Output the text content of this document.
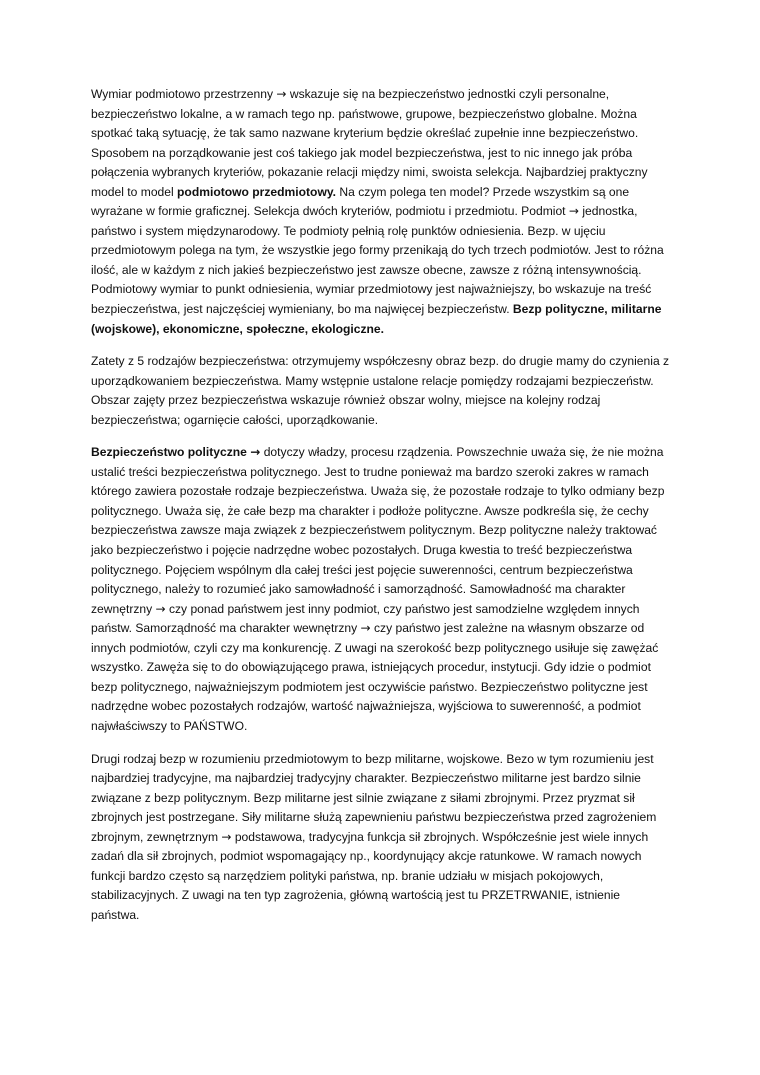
Wymiar podmiotowo przestrzenny → wskazuje się na bezpieczeństwo jednostki czyli personalne, bezpieczeństwo lokalne, a w ramach tego np. państwowe, grupowe, bezpieczeństwo globalne. Można spotkać taką sytuację, że tak samo nazwane kryterium będzie określać zupełnie inne bezpieczeństwo. Sposobem na porządkowanie jest coś takiego jak model bezpieczeństwa, jest to nic innego jak próba połączenia wybranych kryteriów, pokazanie relacji między nimi, swoista selekcja. Najbardziej praktyczny model to model podmiotowo przedmiotowy. Na czym polega ten model? Przede wszystkim są one wyrażane w formie graficznej. Selekcja dwóch kryteriów, podmiotu i przedmiotu. Podmiot → jednostka, państwo i system międzynarodowy. Te podmioty pełnią rolę punktów odniesienia. Bezp. w ujęciu przedmiotowym polega na tym, że wszystkie jego formy przenikają do tych trzech podmiotów. Jest to różna ilość, ale w każdym z nich jakieś bezpieczeństwo jest zawsze obecne, zawsze z różną intensywnością. Podmiotowy wymiar to punkt odniesienia, wymiar przedmiotowy jest najważniejszy, bo wskazuje na treść bezpieczeństwa, jest najczęściej wymieniany, bo ma najwięcej bezpieczeństw. Bezp polityczne, militarne (wojskowe), ekonomiczne, społeczne, ekologiczne.

Zatety z 5 rodzajów bezpieczeństwa: otrzymujemy współczesny obraz bezp. do drugie mamy do czynienia z uporządkowaniem bezpieczeństwa. Mamy wstępnie ustalone relacje pomiędzy rodzajami bezpieczeństw. Obszar zajęty przez bezpieczeństwa wskazuje również obszar wolny, miejsce na kolejny rodzaj bezpieczeństwa; ogarnięcie całości, uporządkowanie.

Bezpieczeństwo polityczne → dotyczy władzy, procesu rządzenia. Powszechnie uważa się, że nie można ustalić treści bezpieczeństwa politycznego. Jest to trudne ponieważ ma bardzo szeroki zakres w ramach którego zawiera pozostałe rodzaje bezpieczeństwa. Uważa się, że pozostałe rodzaje to tylko odmiany bezp politycznego. Uważa się, że całe bezp ma charakter i podłoże polityczne. Awsze podkreśla się, że cechy bezpieczeństwa zawsze maja związek z bezpieczeństwem politycznym. Bezp polityczne należy traktować jako bezpieczeństwo i pojęcie nadrzędne wobec pozostałych. Druga kwestia to treść bezpieczeństwa politycznego. Pojęciem wspólnym dla całej treści jest pojęcie suwerenności, centrum bezpieczeństwa politycznego, należy to rozumieć jako samowładność i samorządność. Samowładność ma charakter zewnętrzny → czy ponad państwem jest inny podmiot, czy państwo jest samodzielne względem innych państw. Samorządność ma charakter wewnętrzny → czy państwo jest zależne na własnym obszarze od innych podmiotów, czyli czy ma konkurencję. Z uwagi na szerokość bezp politycznego usiłuje się zawężać wszystko. Zawęża się to do obowiązującego prawa, istniejących procedur, instytucji. Gdy idzie o podmiot bezp politycznego, najważniejszym podmiotem jest oczywiście państwo. Bezpieczeństwo polityczne jest nadrzędne wobec pozostałych rodzajów, wartość najważniejsza, wyjściowa to suwerenność, a podmiot najwłaściwszy to PAŃSTWO.

Drugi rodzaj bezp w rozumieniu przedmiotowym to bezp militarne, wojskowe. Bezo w tym rozumieniu jest najbardziej tradycyjne, ma najbardziej tradycyjny charakter. Bezpieczeństwo militarne jest bardzo silnie związane z bezp politycznym. Bezp militarne jest silnie związane z siłami zbrojnymi. Przez pryzmat sił zbrojnych jest postrzegane. Siły militarne służą zapewnieniu państwu bezpieczeństwa przed zagrożeniem zbrojnym, zewnętrznym → podstawowa, tradycyjna funkcja sił zbrojnych. Współcześnie jest wiele innych zadań dla sił zbrojnych, podmiot wspomagający np., koordynujący akcje ratunkowe. W ramach nowych funkcji bardzo często są narzędziem polityki państwa, np. branie udziału w misjach pokojowych, stabilizacyjnych. Z uwagi na ten typ zagrożenia, główną wartością jest tu PRZETRWANIE, istnienie państwa.
